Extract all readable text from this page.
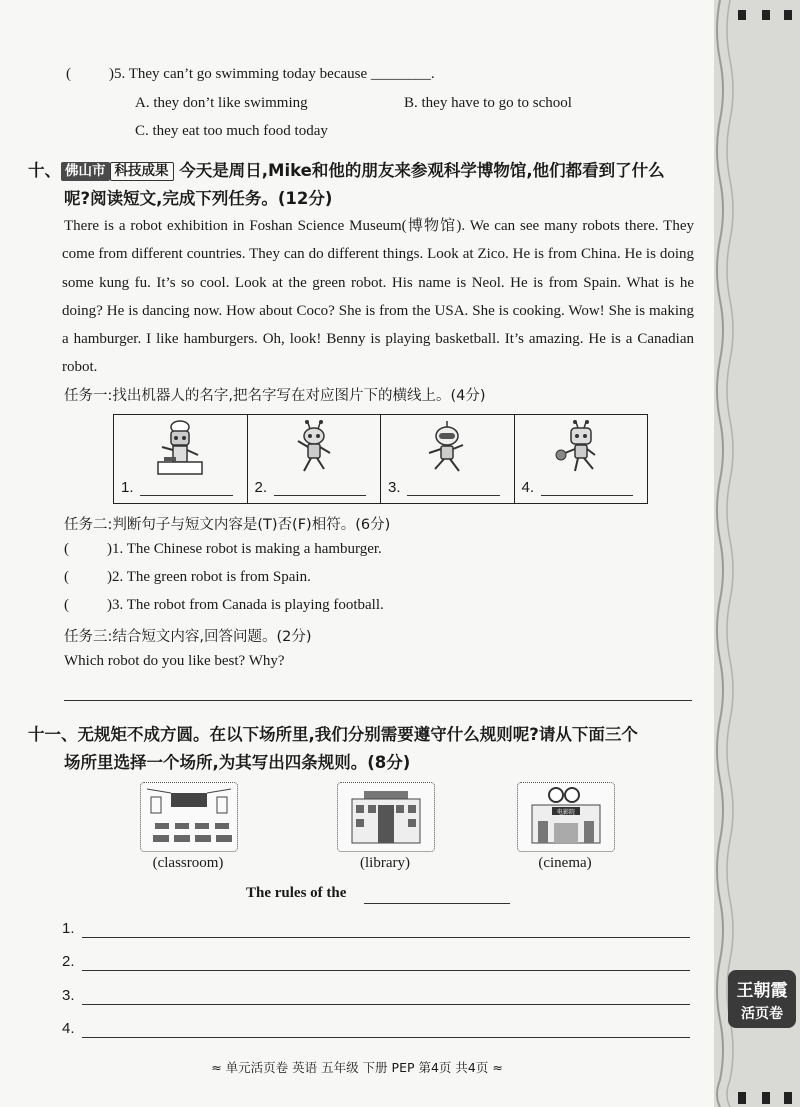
(	)5. They can’t go swimming today because ________.
A. they don’t like swimming	B. they have to go to school
C. they eat too much food today
十、 佛山市 科技成果 今天是周日,Mike和他的朋友来参观科学博物馆,他们都看到了什么
呢?阅读短文,完成下列任务。(12分)
There is a robot exhibition in Foshan Science Museum(博物馆). We can see many robots there. They come from different countries. They can do different things. Look at Zico. He is from China. He is doing some kung fu. It’s so cool. Look at the green robot. His name is Neol. He is from Spain. What is he doing? He is dancing now. How about Coco? She is from the USA. She is cooking. Wow! She is making a hamburger. I like hamburgers. Oh, look! Benny is playing basketball. It’s amazing. He is a Canadian robot.
任务一:找出机器人的名字,把名字写在对应图片下的横线上。(4分)
1.	2.	3.	4.
任务二:判断句子与短文内容是(T)否(F)相符。(6分)
(	)1. The Chinese robot is making a hamburger.
(	)2. The green robot is from Spain.
(	)3. The robot from Canada is playing football.
任务三:结合短文内容,回答问题。(2分)
Which robot do you like best? Why?
十一、无规矩不成方圆。在以下场所里,我们分别需要遵守什么规则呢?请从下面三个
场所里选择一个场所,为其写出四条规则。(8分)
电影院
(classroom)	(library)	(cinema)
The rules of the
1.
2.
3.
4.
≈ 单元活页卷 英语 五年级 下册 PEP 第4页 共4页 ≈
王朝霞
活页卷
